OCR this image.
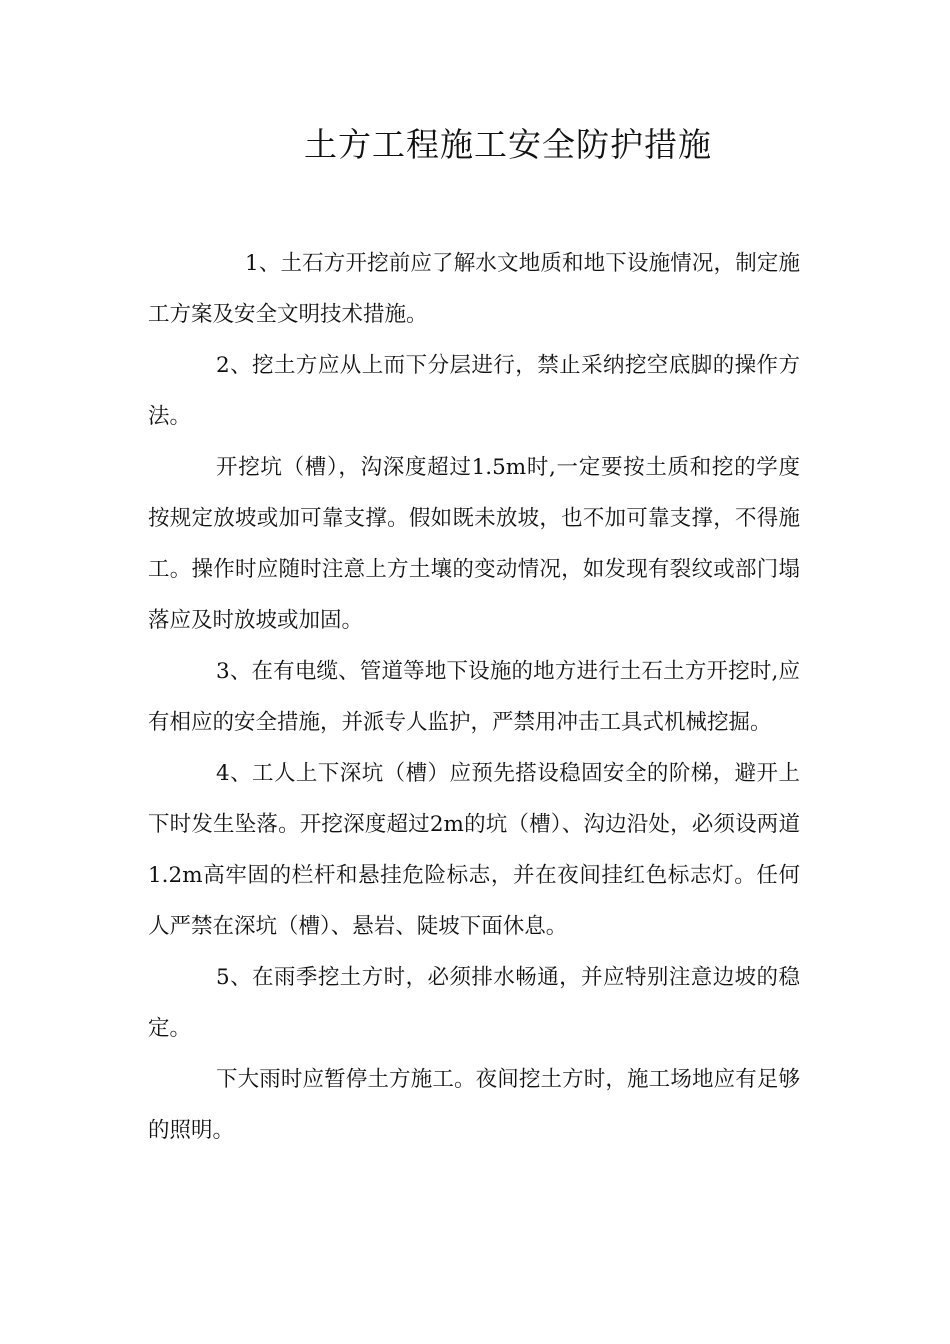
土方工程施工安全防护措施

1、土石方开挖前应了解水文地质和地下设施情况，制定施工方案及安全文明技术措施。

2、挖土方应从上而下分层进行，禁止采纳挖空底脚的操作方法。

开挖坑（槽），沟深度超过1.5m时,一定要按土质和挖的学度按规定放坡或加可靠支撑。假如既未放坡，也不加可靠支撑，不得施工。操作时应随时注意上方土壤的变动情况，如发现有裂纹或部门塌落应及时放坡或加固。

3、在有电缆、管道等地下设施的地方进行土石土方开挖时,应有相应的安全措施，并派专人监护，严禁用冲击工具式机械挖掘。

4、工人上下深坑（槽）应预先搭设稳固安全的阶梯，避开上下时发生坠落。开挖深度超过2m的坑（槽）、沟边沿处，必须设两道1.2m高牢固的栏杆和悬挂危险标志，并在夜间挂红色标志灯。任何人严禁在深坑（槽）、悬岩、陡坡下面休息。

5、在雨季挖土方时，必须排水畅通，并应特别注意边坡的稳定。

下大雨时应暂停土方施工。夜间挖土方时，施工场地应有足够的照明。
